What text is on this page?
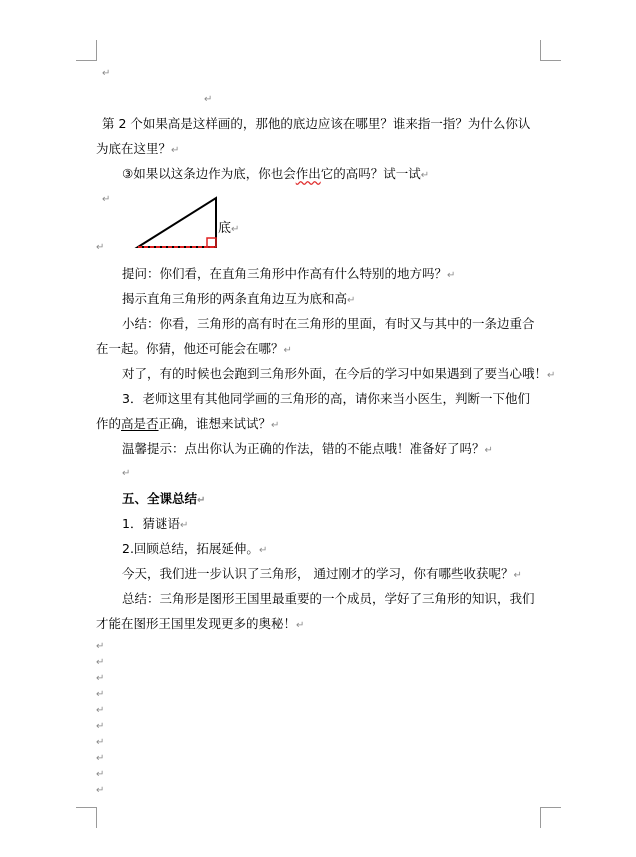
↵
↵
第 2 个如果高是这样画的，那他的底边应该在哪里？谁来指一指？为什么你认
为底在这里？↵
③如果以这条边作为底，你也会作出它的高吗？试一试↵
↵
底↵
↵
提问：你们看，在直角三角形中作高有什么特别的地方吗？↵
揭示直角三角形的两条直角边互为底和高↵
小结：你看，三角形的高有时在三角形的里面，有时又与其中的一条边重合
在一起。你猜，他还可能会在哪？↵
对了，有的时候也会跑到三角形外面，在今后的学习中如果遇到了要当心哦！↵
3．老师这里有其他同学画的三角形的高，请你来当小医生，判断一下他们
作的高是否正确，谁想来试试？↵
温馨提示：点出你认为正确的作法，错的不能点哦！准备好了吗？↵
↵
五、全课总结↵
1．猜谜语↵
2.回顾总结，拓展延伸。↵
今天，我们进一步认识了三角形， 通过刚才的学习，你有哪些收获呢？↵
总结：三角形是图形王国里最重要的一个成员，学好了三角形的知识，我们
才能在图形王国里发现更多的奥秘！↵
↵
↵
↵
↵
↵
↵
↵
↵
↵
↵
